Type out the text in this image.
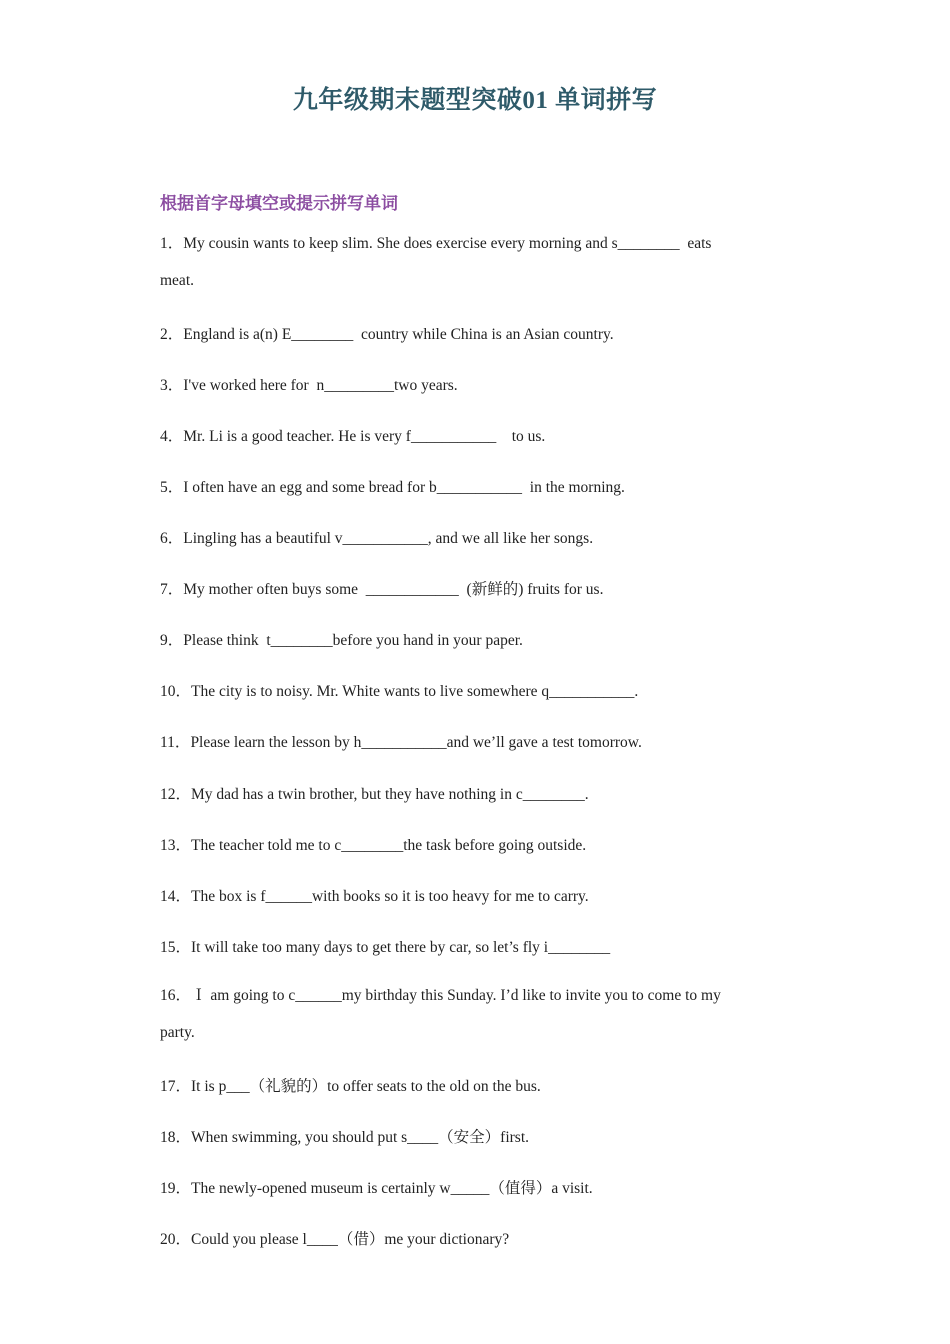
九年级期末题型突破01 单词拼写
根据首字母填空或提示拼写单词
1．My cousin wants to keep slim. She does exercise every morning and s________  eats
meat.
2．England is a(n) E________  country while China is an Asian country.
3．I've worked here for  n_________two years.
4．Mr. Li is a good teacher. He is very f___________    to us.
5．I often have an egg and some bread for b___________  in the morning.
6．Lingling has a beautiful v___________, and we all like her songs.
7．My mother often buys some  ____________  (新鲜的) fruits for us.
9．Please think  t________before you hand in your paper.
10．The city is to noisy. Mr. White wants to live somewhere q___________.
11．Please learn the lesson by h___________and we’ll gave a test tomorrow.
12．My dad has a twin brother, but they have nothing in c________.
13．The teacher told me to c________the task before going outside.
14．The box is f______with books so it is too heavy for me to carry.
15．It will take too many days to get there by car, so let’s fly i________
16．Ｉ am going to c______my birthday this Sunday. I’d like to invite you to come to my
party.
17．It is p___（礼貌的）to offer seats to the old on the bus.
18．When swimming, you should put s____（安全）first.
19．The newly-opened museum is certainly w_____（值得）a visit.
20．Could you please l____（借）me your dictionary?
